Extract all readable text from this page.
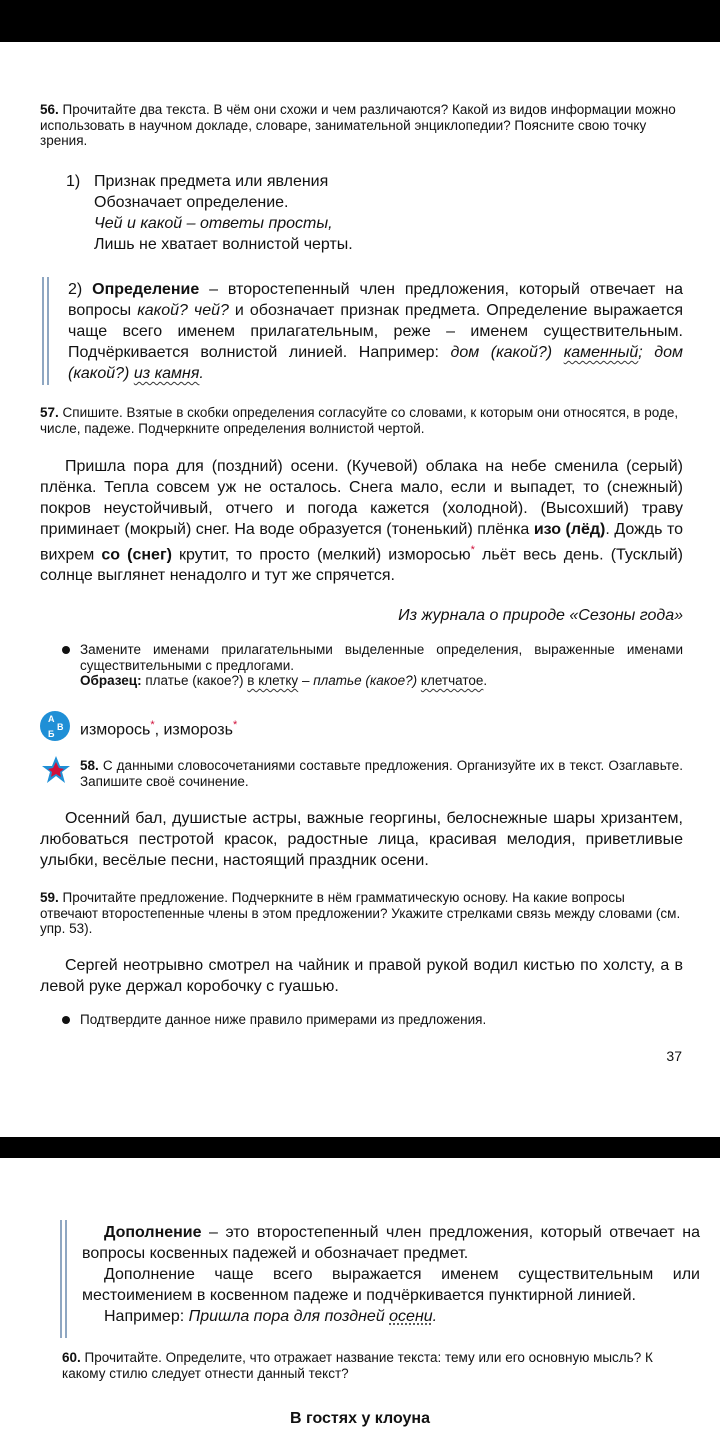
56. Прочитайте два текста. В чём они схожи и чем различаются? Какой из видов информации можно использовать в научном докладе, словаре, занимательной энциклопедии? Поясните свою точку зрения.

1) Признак предмета или явления
Обозначает определение.
Чей и какой – ответы просты,
Лишь не хватает волнистой черты.

2) Определение – второстепенный член предложения, который отвечает на вопросы какой? чей? и обозначает признак предмета. Определение выражается чаще всего именем прилагательным, реже – именем существительным. Подчёркивается волнистой линией. Например: дом (какой?) каменный; дом (какой?) из камня.

57. Спишите. Взятые в скобки определения согласуйте со словами, к которым они относятся, в роде, числе, падеже. Подчеркните определения волнистой чертой.

Пришла пора для (поздний) осени. (Кучевой) облака на небе сменила (серый) плёнка. Тепла совсем уж не осталось. Снега мало, если и выпадет, то (снежный) покров неустойчивый, отчего и погода кажется (холодной). (Высохший) траву приминает (мокрый) снег. На воде образуется (тоненький) плёнка изо (лёд). Дождь то вихрем со (снег) крутит, то просто (мелкий) изморосью* льёт весь день. (Тусклый) солнце выглянет ненадолго и тут же спрячется.

Из журнала о природе «Сезоны года»

Замените именами прилагательными выделенные определения, выраженные именами существительными с предлогами.
Образец: платье (какое?) в клетку – платье (какое?) клетчатое.

А
В
Б изморось*, изморозь*

58. С данными словосочетаниями составьте предложения. Организуйте их в текст. Озаглавьте. Запишите своё сочинение.

Осенний бал, душистые астры, важные георгины, белоснежные шары хризантем, любоваться пестротой красок, радостные лица, красивая мелодия, приветливые улыбки, весёлые песни, настоящий праздник осени.

59. Прочитайте предложение. Подчеркните в нём грамматическую основу. На какие вопросы отвечают второстепенные члены в этом предложении? Укажите стрелками связь между словами (см. упр. 53).

Сергей неотрывно смотрел на чайник и правой рукой водил кистью по холсту, а в левой руке держал коробочку с гуашью.

Подтвердите данное ниже правило примерами из предложения.

37
Дополнение – это второстепенный член предложения, который отвечает на вопросы косвенных падежей и обозначает предмет.
Дополнение чаще всего выражается именем существительным или местоимением в косвенном падеже и подчёркивается пунктирной линией.
Например: Пришла пора для поздней осени.

60. Прочитайте. Определите, что отражает название текста: тему или его основную мысль? К какому стилю следует отнести данный текст?

В гостях у клоуна
